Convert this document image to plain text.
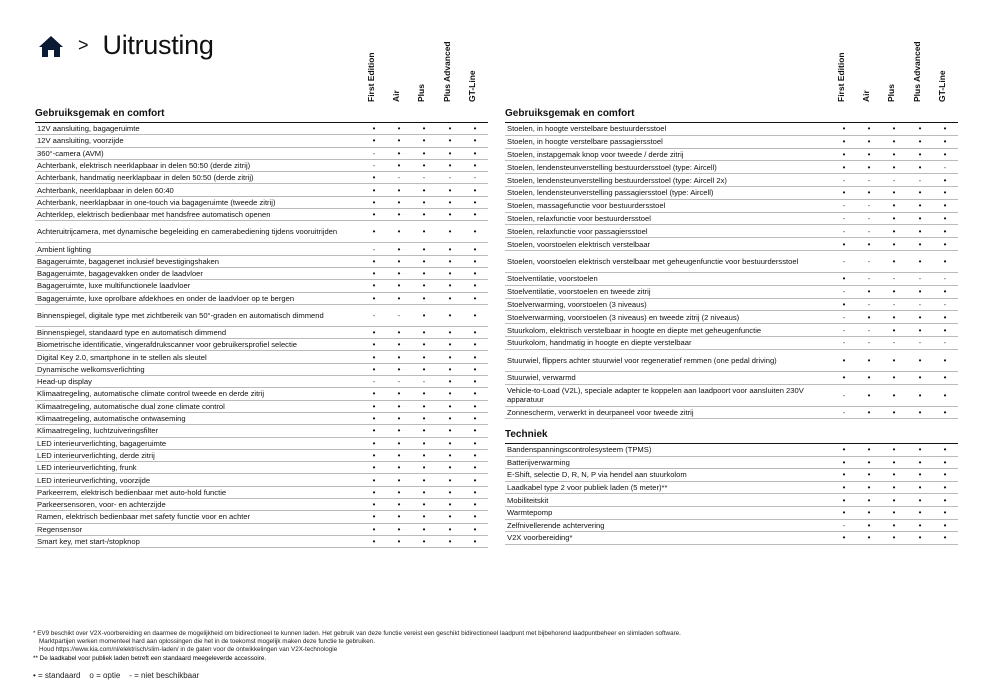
> Uitrusting
First Edition Air Plus Plus Advanced GT-Line
Gebruiksgemak en comfort
12V aansluiting, bagageruimte	•	•	•	•	•
12V aansluiting, voorzijde	•	•	•	•	•
360°-camera (AVM)	-	•	•	•	•
Achterbank, elektrisch neerklapbaar in delen 50:50 (derde zitrij)	-	•	•	•	•
Achterbank, handmatig neerklapbaar in delen 50:50 (derde zitrij)	•	-	-	-	-
Achterbank, neerklapbaar in delen 60:40	•	•	•	•	•
Achterbank, neerklapbaar in one-touch via bagageruimte (tweede zitrij)	•	•	•	•	•
Achterklep, elektrisch bedienbaar met handsfree automatisch openen	•	•	•	•	•
Achteruitrijcamera, met dynamische begeleiding en camerabediening tijdens vooruitrijden	•	•	•	•	•
Ambient lighting	-	•	•	•	•
Bagageruimte, bagagenet inclusief bevestigingshaken	•	•	•	•	•
Bagageruimte, bagagevakken onder de laadvloer	•	•	•	•	•
Bagageruimte, luxe multifunctionele laadvloer	•	•	•	•	•
Bagageruimte, luxe oprolbare afdekhoes en onder de laadvloer op te bergen	•	•	•	•	•
Binnenspiegel, digitale type met zichtbereik van 50°-graden en automatisch dimmend	-	-	•	•	•
Binnenspiegel, standaard type en automatisch dimmend	•	•	•	•	•
Biometrische identificatie, vingerafdrukscanner voor gebruikersprofiel selectie	•	•	•	•	•
Digital Key 2.0, smartphone in te stellen als sleutel	•	•	•	•	•
Dynamische welkomsverlichting	•	•	•	•	•
Head-up display	-	-	-	•	•
Klimaatregeling, automatische climate control tweede en derde zitrij	•	•	•	•	•
Klimaatregeling, automatische dual zone climate control	•	•	•	•	•
Klimaatregeling, automatische ontwaseming	•	•	•	•	•
Klimaatregeling, luchtzuiveringsfilter	•	•	•	•	•
LED interieurverlichting, bagageruimte	•	•	•	•	•
LED interieurverlichting, derde zitrij	•	•	•	•	•
LED interieurverlichting, frunk	•	•	•	•	•
LED interieurverlichting, voorzijde	•	•	•	•	•
Parkeerrem, elektrisch bedienbaar met auto-hold functie	•	•	•	•	•
Parkeersensoren, voor- en achterzijde	•	•	•	•	•
Ramen, elektrisch bedienbaar met safety functie voor en achter	•	•	•	•	•
Regensensor	•	•	•	•	•
Smart key, met start-/stopknop	•	•	•	•	•
First Edition Air Plus Plus Advanced GT-Line
Gebruiksgemak en comfort
Stoelen, in hoogte verstelbare bestuurdersstoel	•	•	•	•	•
Stoelen, in hoogte verstelbare passagiersstoel	•	•	•	•	•
Stoelen, instapgemak knop voor tweede / derde zitrij	•	•	•	•	•
Stoelen, lendensteunverstelling bestuurdersstoel (type: Aircell)	•	•	•	•	-
Stoelen, lendensteunverstelling bestuurdersstoel (type: Aircell 2x)	-	-	-	-	•
Stoelen, lendensteunverstelling passagiersstoel (type: Aircell)	•	•	•	•	•
Stoelen, massagefunctie voor bestuurdersstoel	-	-	•	•	•
Stoelen, relaxfunctie voor bestuurdersstoel	-	-	•	•	•
Stoelen, relaxfunctie voor passagiersstoel	-	-	•	•	•
Stoelen, voorstoelen elektrisch verstelbaar	•	•	•	•	•
Stoelen, voorstoelen elektrisch verstelbaar met geheugenfunctie voor bestuurdersstoel	-	-	•	•	•
Stoelventilatie, voorstoelen	•	-	-	-	-
Stoelventilatie, voorstoelen en tweede zitrij	-	•	•	•	•
Stoelverwarming, voorstoelen (3 niveaus)	•	-	-	-	-
Stoelverwarming, voorstoelen (3 niveaus) en tweede zitrij (2 niveaus)	-	•	•	•	•
Stuurkolom, elektrisch verstelbaar in hoogte en diepte met geheugenfunctie	-	-	•	•	•
Stuurkolom, handmatig in hoogte en diepte verstelbaar	-	-	-	-	-
Stuurwiel, flippers achter stuurwiel voor regeneratief remmen (one pedal driving)	•	•	•	•	•
Stuurwiel, verwarmd	•	•	•	•	•
Vehicle-to-Load (V2L), speciale adapter te koppelen aan laadpoort voor aansluiten 230V apparatuur	-	•	•	•	•
Zonnescherm, verwerkt in deurpaneel voor tweede zitrij	-	•	•	•	•
Techniek
Bandenspanningscontrolesysteem (TPMS)	•	•	•	•	•
Batterijverwarming	•	•	•	•	•
E-Shift, selectie D, R, N, P via hendel aan stuurkolom	•	•	•	•	•
Laadkabel type 2 voor publiek laden (5 meter)**	•	•	•	•	•
Mobiliteitskit	•	•	•	•	•
Warmtepomp	•	•	•	•	•
Zelfnivellerende achtervering	-	•	•	•	•
V2X voorbereiding*	•	•	•	•	•
* EV9 beschikt over V2X-voorbereiding en daarmee de mogelijkheid om bidirectioneel te kunnen laden. Het gebruik van deze functie vereist een geschikt bidirectioneel laadpunt met bijbehorend laadpuntbeheer en slimladen software.
Marktpartijen werken momenteel hard aan oplossingen die het in de toekomst mogelijk maken deze functie te gebruiken.
Houd https://www.kia.com/nl/elektrisch/slim-laden/ in de gaten voor de ontwikkelingen van V2X-technologie
** De laadkabel voor publiek laden betreft een standaard meegeleverde accessoire.
• = standaard    o = optie    - = niet beschikbaar
